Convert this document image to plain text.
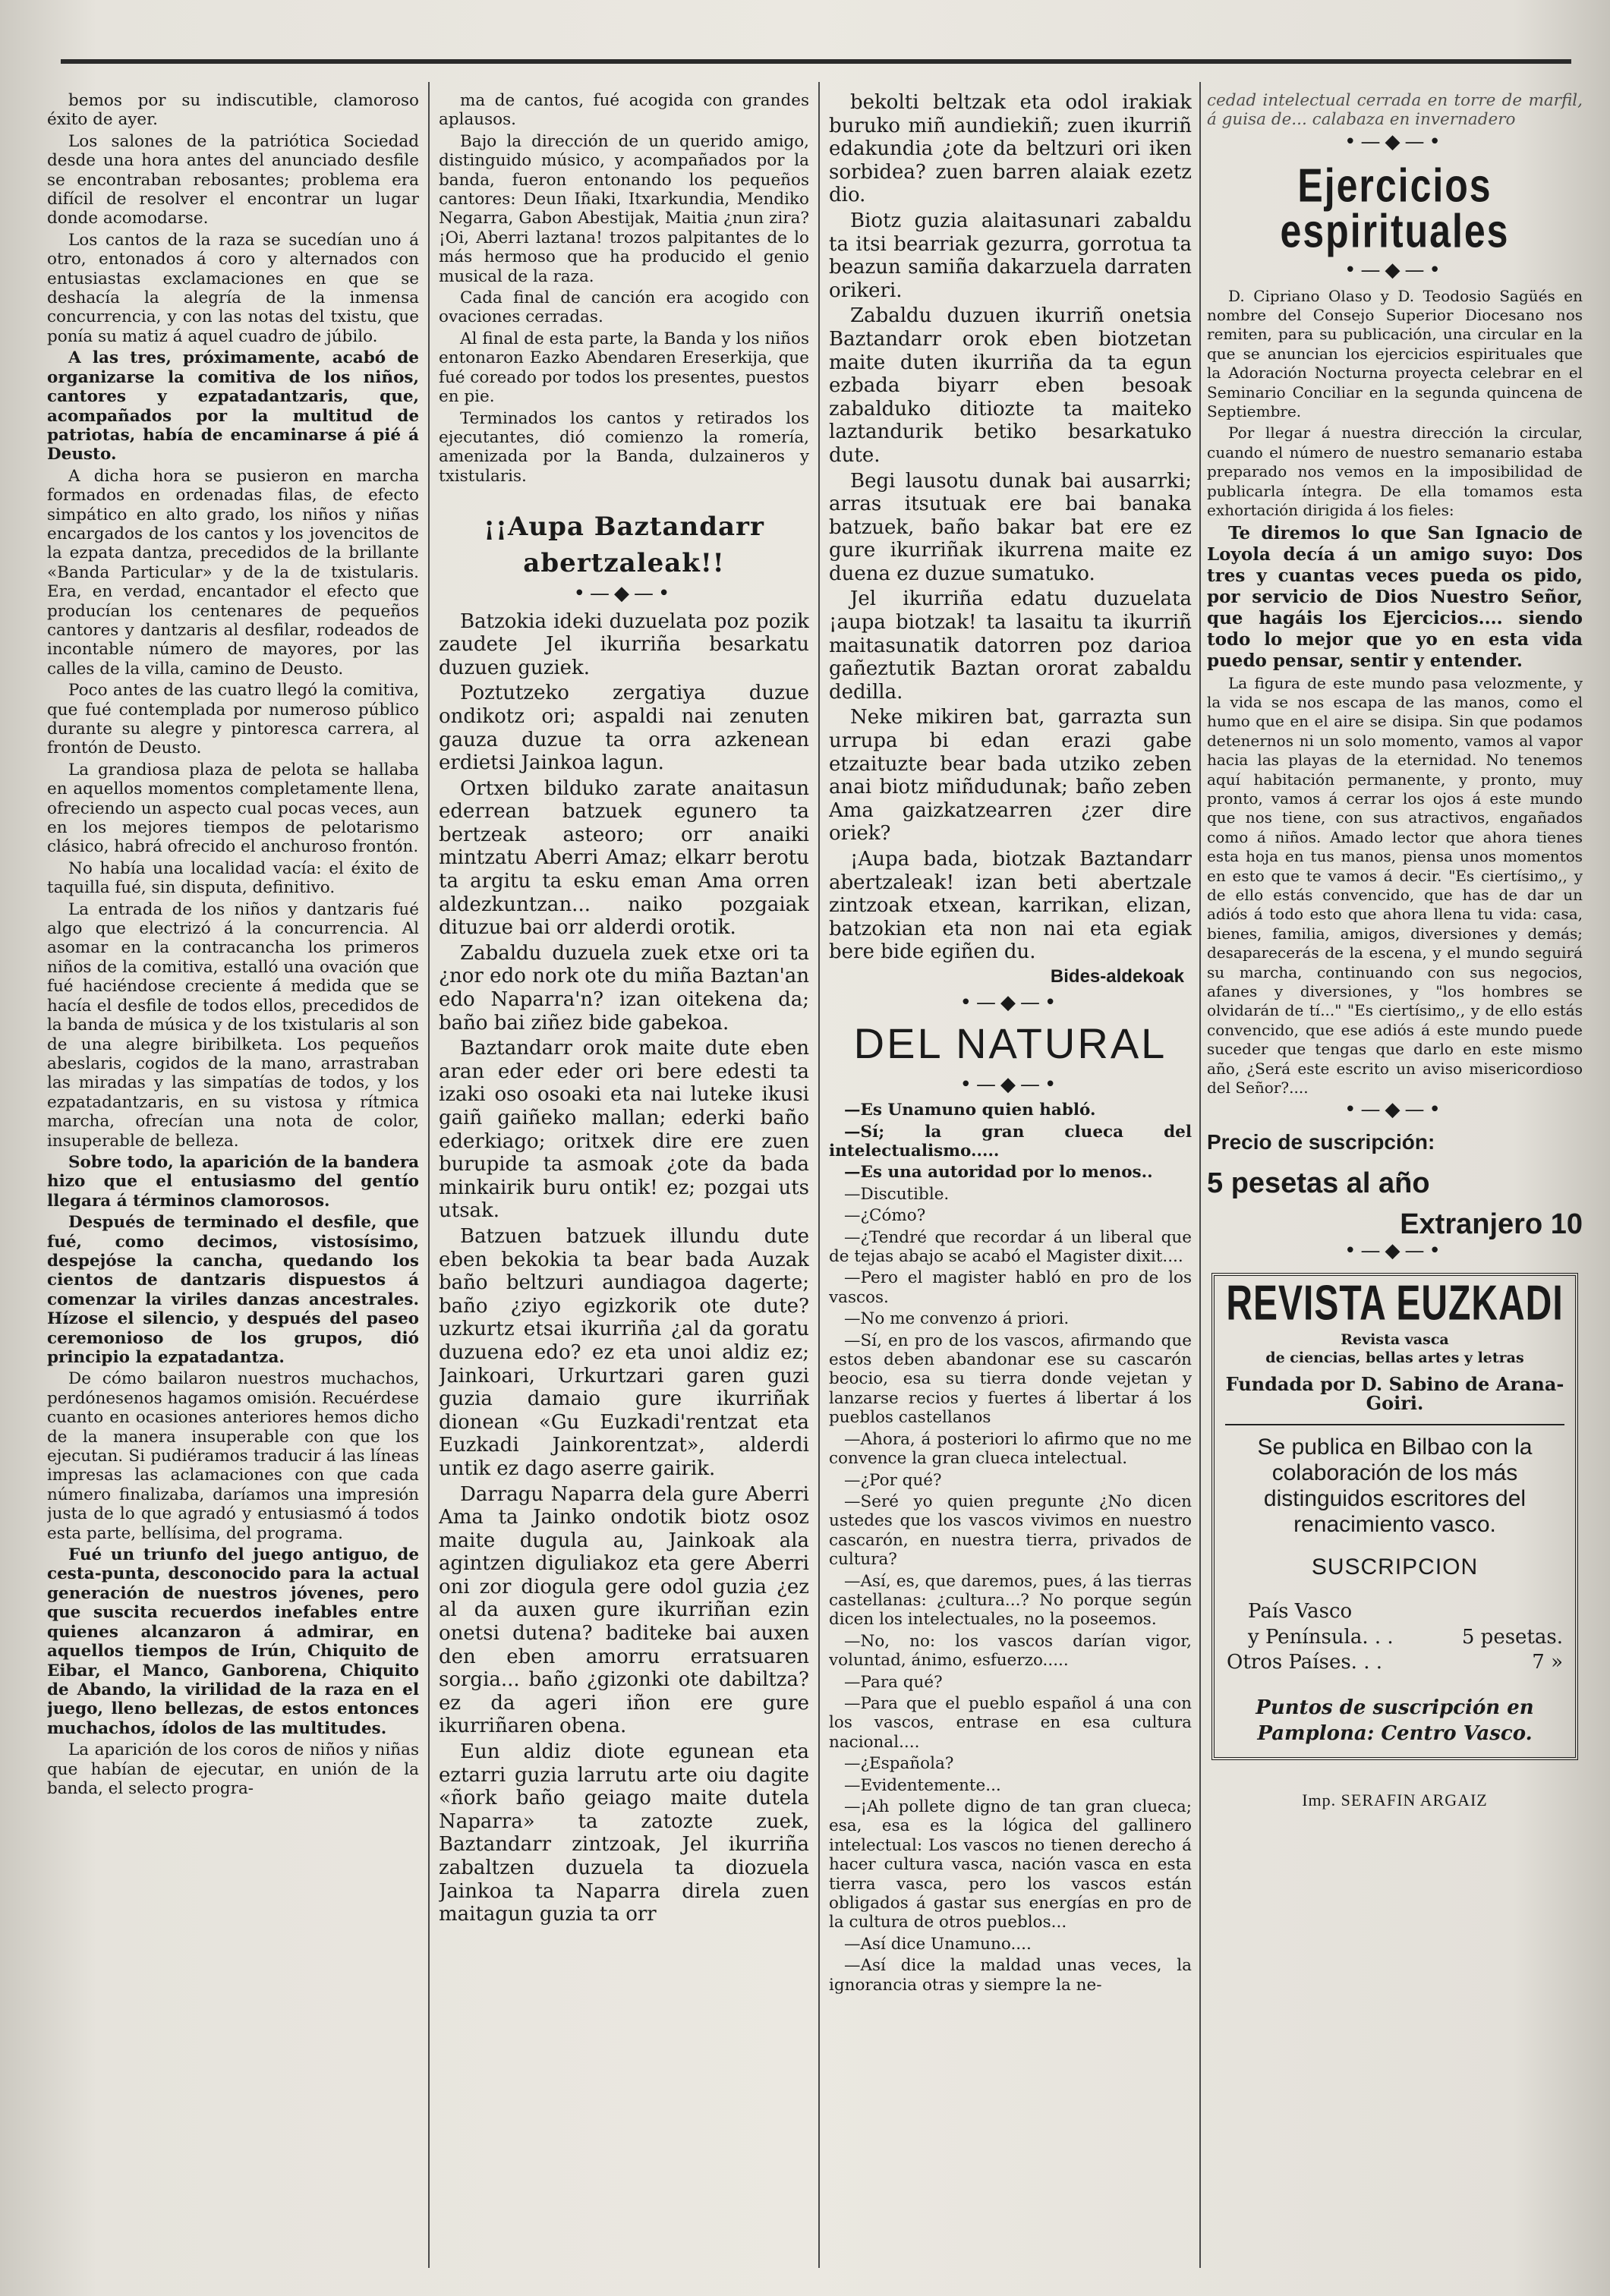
bemos por su indiscutible, clamoroso éxito de ayer.

Los salones de la patriótica Sociedad desde una hora antes del anunciado desfile se encontraban rebosantes; problema era difícil de resolver el encontrar un lugar donde acomodarse.

Los cantos de la raza se sucedían uno á otro, entonados á coro y alternados con entusiastas exclamaciones en que se deshacía la alegría de la inmensa concurrencia, y con las notas del txistu, que ponía su matiz á aquel cuadro de júbilo.

A las tres, próximamente, acabó de organizarse la comitiva de los niños, cantores y ezpatadantzaris, que, acompañados por la multitud de patriotas, había de encaminarse á pié á Deusto.

A dicha hora se pusieron en marcha formados en ordenadas filas, de efecto simpático en alto grado, los niños y niñas encargados de los cantos y los jovencitos de la ezpata dantza, precedidos de la brillante «Banda Particular» y de la de txistularis. Era, en verdad, encantador el efecto que producían los centenares de pequeños cantores y dantzaris al desfilar, rodeados de incontable número de mayores, por las calles de la villa, camino de Deusto.

Poco antes de las cuatro llegó la comitiva, que fué contemplada por numeroso público durante su alegre y pintoresca carrera, al frontón de Deusto.

La grandiosa plaza de pelota se hallaba en aquellos momentos completamente llena, ofreciendo un aspecto cual pocas veces, aun en los mejores tiempos de pelotarismo clásico, habrá ofrecido el anchuroso frontón.

No había una localidad vacía: el éxito de taquilla fué, sin disputa, definitivo.

La entrada de los niños y dantzaris fué algo que electrizó á la concurrencia. Al asomar en la contracancha los primeros niños de la comitiva, estalló una ovación que fué haciéndose creciente á medida que se hacía el desfile de todos ellos, precedidos de la banda de música y de los txistularis al son de una alegre biribilketa. Los pequeños abeslaris, cogidos de la mano, arrastraban las miradas y las simpatías de todos, y los ezpatadantzaris, en su vistosa y rítmica marcha, ofrecían una nota de color, insuperable de belleza.

Sobre todo, la aparición de la bandera hizo que el entusiasmo del gentío llegara á términos clamorosos.

Después de terminado el desfile, que fué, como decimos, vistosísimo, despejóse la cancha, quedando los cientos de dantzaris dispuestos á comenzar la viriles danzas ancestrales. Hízose el silencio, y después del paseo ceremonioso de los grupos, dió principio la ezpatadantza.

De cómo bailaron nuestros muchachos, perdónesenos hagamos omisión. Recuérdese cuanto en ocasiones anteriores hemos dicho de la manera insuperable con que los ejecutan. Si pudiéramos traducir á las líneas impresas las aclamaciones con que cada número finalizaba, daríamos una impresión justa de lo que agradó y entusiasmó á todos esta parte, bellísima, del programa.

Fué un triunfo del juego antiguo, de cesta-punta, desconocido para la actual generación de nuestros jóvenes, pero que suscita recuerdos inefables entre quienes alcanzaron á admirar, en aquellos tiempos de Irún, Chiquito de Eibar, el Manco, Ganborena, Chiquito de Abando, la virilidad de la raza en el juego, lleno bellezas, de estos entonces muchachos, ídolos de las multitudes.

La aparición de los coros de niños y niñas que habían de ejecutar, en unión de la banda, el selecto progra-

ma de cantos, fué acogida con grandes aplausos.

Bajo la dirección de un querido amigo, distinguido músico, y acompañados por la banda, fueron entonando los pequeños cantores: Deun Iñaki, Itxarkundia, Mendiko Negarra, Gabon Abestijak, Maitia ¿nun zira? ¡Oi, Aberri laztana! trozos palpitantes de lo más hermoso que ha producido el genio musical de la raza.

Cada final de canción era acogido con ovaciones cerradas.

Al final de esta parte, la Banda y los niños entonaron Eazko Abendaren Ereserkija, que fué coreado por todos los presentes, puestos en pie.

Terminados los cantos y retirados los ejecutantes, dió comienzo la romería, amenizada por la Banda, dulzaineros y txistularis.

¡¡Aupa Baztandarr abertzaleak!!
•—◆—•

Batzokia ideki duzuelata poz pozik zaudete Jel ikurriña besarkatu duzuen guziek.

Poztutzeko zergatiya duzue ondikotz ori; aspaldi nai zenuten gauza duzue ta orra azkenean erdietsi Jainkoa lagun.

Ortxen bilduko zarate anaitasun ederrean batzuek egunero ta bertzeak asteoro; orr anaiki mintzatu Aberri Amaz; elkarr berotu ta argitu ta esku eman Ama orren aldezkuntzan... naiko pozgaiak dituzue bai orr alderdi orotik.

Zabaldu duzuela zuek etxe ori ta ¿nor edo nork ote du miña Baztan'an edo Naparra'n? izan oitekena da; baño bai ziñez bide gabekoa.

Baztandarr orok maite dute eben aran eder eder ori bere edesti ta izaki oso osoaki eta nai luteke ikusi gaiñ gaiñeko mallan; ederki baño ederkiago; oritxek dire ere zuen burupide ta asmoak ¿ote da bada minkairik buru ontik! ez; pozgai uts utsak.

Batzuen batzuek illundu dute eben bekokia ta bear bada Auzak baño beltzuri aundiagoa dagerte; baño ¿ziyo egizkorik ote dute? uzkurtz etsai ikurriña ¿al da goratu duzuena edo? ez eta unoi aldiz ez; Jainkoari, Urkurtzari garen guzi guzia damaio gure ikurriñak dionean «Gu Euzkadi'rentzat eta Euzkadi Jainkorentzat», alderdi untik ez dago aserre gairik.

Darragu Naparra dela gure Aberri Ama ta Jainko ondotik biotz osoz maite dugula au, Jainkoak ala agintzen diguliakoz eta gere Aberri oni zor diogula gere odol guzia ¿ez al da auxen gure ikurriñan ezin onetsi dutena? baditeke bai auxen den eben amorru erratsuaren sorgia... baño ¿gizonki ote dabiltza? ez da ageri iñon ere gure ikurriñaren obena.

Eun aldiz diote egunean eta eztarri guzia larrutu arte oiu dagite «ñork baño geiago maite dutela Naparra» ta zatozte zuek, Baztandarr zintzoak, Jel ikurriña zabaltzen duzuela ta diozuela Jainkoa ta Naparra direla zuen maitagun guzia ta orr

bekolti beltzak eta odol irakiak buruko miñ aundiekiñ; zuen ikurriñ edakundia ¿ote da beltzuri ori iken sorbidea? zuen barren alaiak ezetz dio.

Biotz guzia alaitasunari zabaldu ta itsi bearriak gezurra, gorrotua ta beazun samiña dakarzuela darraten orikeri.

Zabaldu duzuen ikurriñ onetsia Baztandarr orok eben biotzetan maite duten ikurriña da ta egun ezbada biyarr eben besoak zabalduko ditiozte ta maiteko laztandurik betiko besarkatuko dute.

Begi lausotu dunak bai ausarrki; arras itsutuak ere bai banaka batzuek, baño bakar bat ere ez gure ikurriñak ikurrena maite ez duena ez duzue sumatuko.

Jel ikurriña edatu duzuelata ¡aupa biotzak! ta lasaitu ta ikurriñ maitasunatik datorren poz darioa gañeztutik Baztan ororat zabaldu dedilla.

Neke mikiren bat, garrazta sun urrupa bi edan erazi gabe etzaituzte bear bada utziko zeben anai biotz miñdudunak; baño zeben Ama gaizkatzearren ¿zer dire oriek?

¡Aupa bada, biotzak Baztandarr abertzaleak! izan beti abertzale zintzoak etxean, karrikan, elizan, batzokian eta non nai eta egiak bere bide egiñen du.

Bides-aldekoak
•—◆—•
DEL NATURAL
•—◆—•

—Es Unamuno quien habló.

—Sí; la gran clueca del intelectualismo.....

—Es una autoridad por lo menos..

—Discutible.

—¿Cómo?

—¿Tendré que recordar á un liberal que de tejas abajo se acabó el Magister dixit....

—Pero el magister habló en pro de los vascos.

—No me convenzo á priori.

—Sí, en pro de los vascos, afirmando que estos deben abandonar ese su cascarón beocio, esa su tierra donde vejetan y lanzarse recios y fuertes á libertar á los pueblos castellanos

—Ahora, á posteriori lo afirmo que no me convence la gran clueca intelectual.

—¿Por qué?

—Seré yo quien pregunte ¿No dicen ustedes que los vascos vivimos en nuestro cascarón, en nuestra tierra, privados de cultura?

—Así, es, que daremos, pues, á las tierras castellanas: ¿cultura...? No porque según dicen los intelectuales, no la poseemos.

—No, no: los vascos darían vigor, voluntad, ánimo, esfuerzo.....

—Para qué?

—Para que el pueblo español á una con los vascos, entrase en esa cultura nacional....

—¿Española?

—Evidentemente...

—¡Ah pollete digno de tan gran clueca; esa, esa es la lógica del gallinero intelectual: Los vascos no tienen derecho á hacer cultura vasca, nación vasca en esta tierra vasca, pero los vascos están obligados á gastar sus energías en pro de la cultura de otros pueblos...

—Así dice Unamuno....

—Así dice la maldad unas veces, la ignorancia otras y siempre la ne-

cedad intelectual cerrada en torre de marfil, á guisa de... calabaza en invernadero

•—◆—•
Ejercicios espirituales
•—◆—•

D. Cipriano Olaso y D. Teodosio Sagüés en nombre del Consejo Superior Diocesano nos remiten, para su publicación, una circular en la que se anuncian los ejercicios espirituales que la Adoración Nocturna proyecta celebrar en el Seminario Conciliar en la segunda quincena de Septiembre.

Por llegar á nuestra dirección la circular, cuando el número de nuestro semanario estaba preparado nos vemos en la imposibilidad de publicarla íntegra. De ella tomamos esta exhortación dirigida á los fieles:

Te diremos lo que San Ignacio de Loyola decía á un amigo suyo: Dos tres y cuantas veces pueda os pido, por servicio de Dios Nuestro Señor, que hagáis los Ejercicios.... siendo todo lo mejor que yo en esta vida puedo pensar, sentir y entender.

La figura de este mundo pasa velozmente, y la vida se nos escapa de las manos, como el humo que en el aire se disipa. Sin que podamos detenernos ni un solo momento, vamos al vapor hacia las playas de la eternidad. No tenemos aquí habitación permanente, y pronto, muy pronto, vamos á cerrar los ojos á este mundo que nos tiene, con sus atractivos, engañados como á niños. Amado lector que ahora tienes esta hoja en tus manos, piensa unos momentos en esto que te vamos á decir. "Es ciertísimo,, y de ello estás convencido, que has de dar un adiós á todo esto que ahora llena tu vida: casa, bienes, familia, amigos, diversiones y demás; desaparecerás de la escena, y el mundo seguirá su marcha, continuando con sus negocios, afanes y diversiones, y "los hombres se olvidarán de tí..." "Es ciertísimo,, y de ello estás convencido, que ese adiós á este mundo puede suceder que tengas que darlo en este mismo año, ¿Será este escrito un aviso misericordioso del Señor?....

•—◆—•
Precio de suscripción:
5 pesetas al año
Extranjero 10
•—◆—•
REVISTA EUZKADI
Revista vasca
de ciencias, bellas artes y letras
Fundada por D. Sabino de Arana-Goiri.
Se publica en Bilbao con la colaboración de los más distinguidos escritores del renacimiento vasco.
SUSCRIPCION
País Vasco	
y Península. . .	5 pesetas.
Otros Países. . .	7 »
Puntos de suscripción en Pamplona: Centro Vasco.
Imp. SERAFIN ARGAIZ
